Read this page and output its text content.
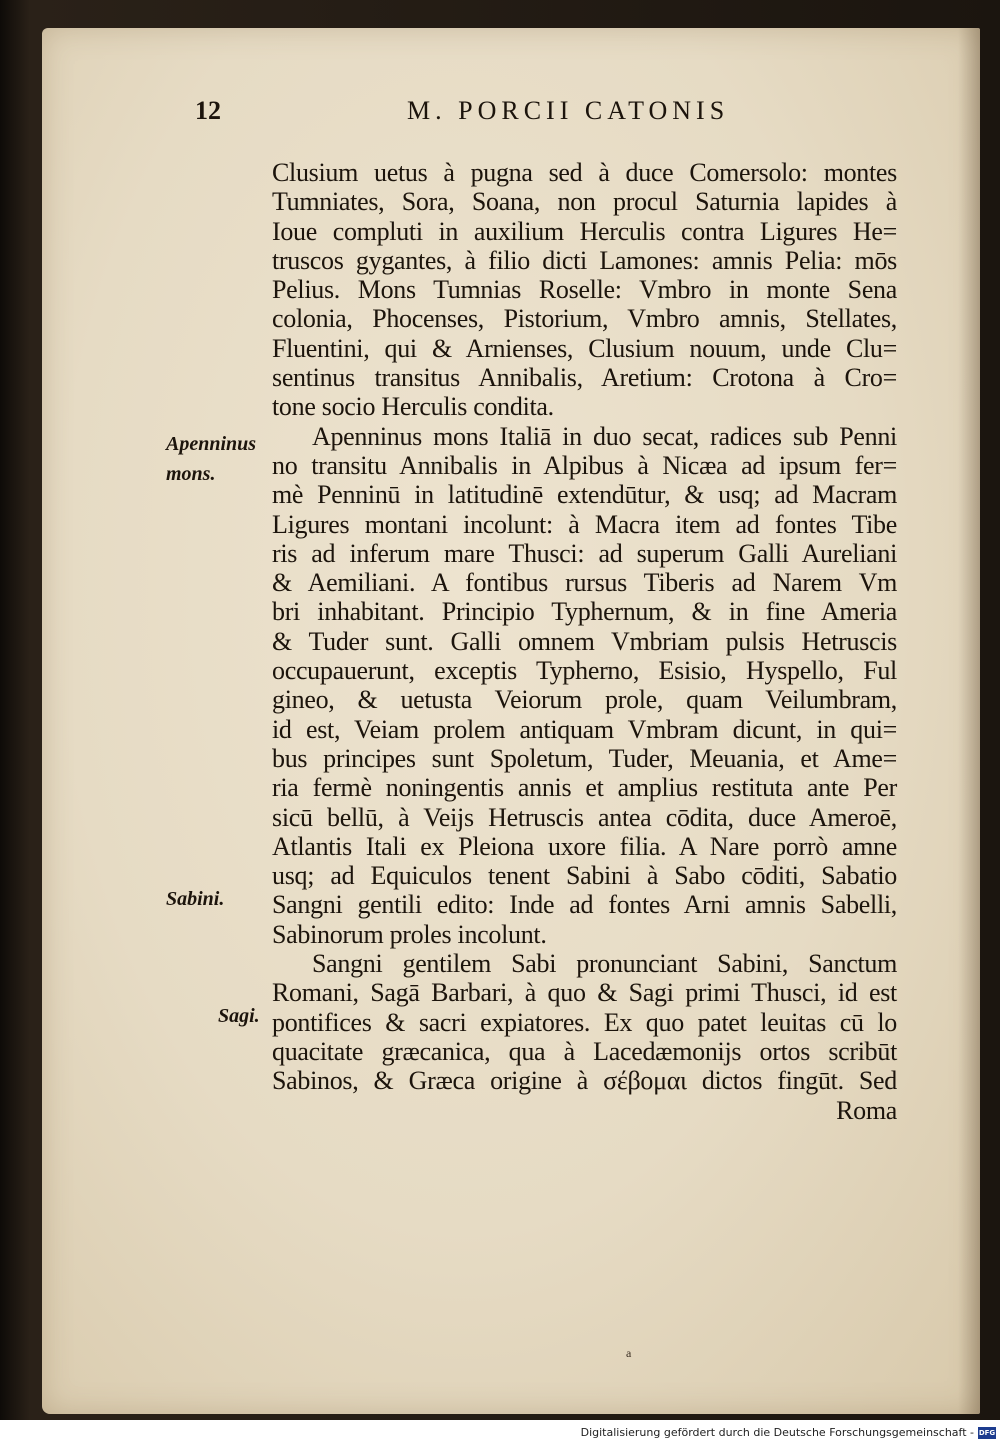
12	M. PORCII CATONIS
Clusium uetus à pugna sed à duce Comersolo: montes
Tumniates, Sora, Soana, non procul Saturnia lapides à
Ioue compluti in auxilium Herculis contra Ligures He=
truscos gygantes, à filio dicti Lamones: amnis Pelia: mōs
Pelius. Mons Tumnias Roselle: Vmbro in monte Sena
colonia, Phocenses, Pistorium, Vmbro amnis, Stellates,
Fluentini, qui & Arnienses, Clusium nouum, unde Clu=
sentinus transitus Annibalis, Aretium: Crotona à Cro=
tone socio Herculis condita.
Apenninus mons Italiā in duo secat, radices sub Penni
no transitu Annibalis in Alpibus à Nicæa ad ipsum fer=
mè Penninū in latitudinē extendūtur, & usq; ad Macram
Ligures montani incolunt: à Macra item ad fontes Tibe
ris ad inferum mare Thusci: ad superum Galli Aureliani
& Aemiliani. A fontibus rursus Tiberis ad Narem Vm
bri inhabitant. Principio Typhernum, & in fine Ameria
& Tuder sunt. Galli omnem Vmbriam pulsis Hetruscis
occupauerunt, exceptis Typherno, Esisio, Hyspello, Ful
gineo, & uetusta Veiorum prole, quam Veilumbram,
id est, Veiam prolem antiquam Vmbram dicunt, in qui=
bus principes sunt Spoletum, Tuder, Meuania, et Ame=
ria fermè noningentis annis et amplius restituta ante Per
sicū bellū, à Veijs Hetruscis antea cōdita, duce Ameroē,
Atlantis Itali ex Pleiona uxore filia. A Nare porrò amne
usq; ad Equiculos tenent Sabini à Sabo cōditi, Sabatio
Sangni gentili edito: Inde ad fontes Arni amnis Sabelli,
Sabinorum proles incolunt.
Sangni gentilem Sabi pronunciant Sabini, Sanctum
Romani, Sagā Barbari, à quo & Sagi primi Thusci, id est
pontifices & sacri expiatores. Ex quo patet leuitas cū lo
quacitate græcanica, qua à Lacedæmonijs ortos scribūt
Sabinos, & Græca origine à σέβομαι dictos fingūt. Sed
Roma
Apenninus
mons.
Sabini.
Sagi.
a
Digitalisierung gefördert durch die Deutsche Forschungsgemeinschaft - DFG
